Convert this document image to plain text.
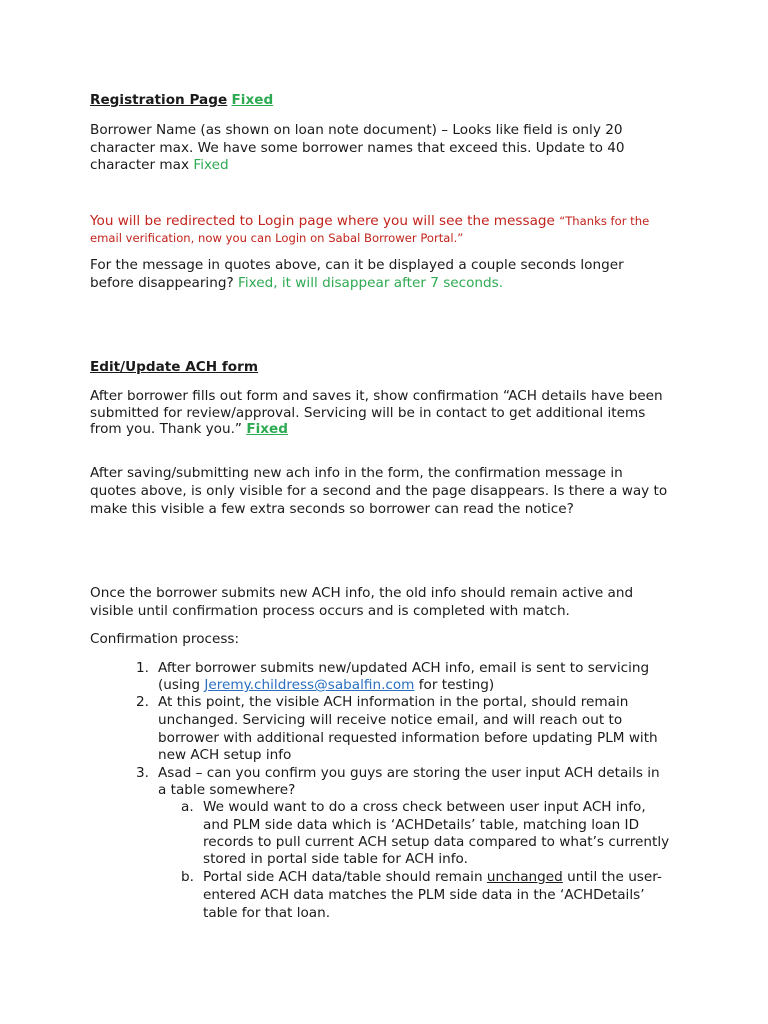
Registration Page Fixed

Borrower Name (as shown on loan note document) – Looks like field is only 20

character max. We have some borrower names that exceed this. Update to 40

character max Fixed

You will be redirected to Login page where you will see the message “Thanks for the

email verification, now you can Login on Sabal Borrower Portal.”

For the message in quotes above, can it be displayed a couple seconds longer

before disappearing? Fixed, it will disappear after 7 seconds.

Edit/Update ACH form

After borrower fills out form and saves it, show confirmation “ACH details have been

submitted for review/approval. Servicing will be in contact to get additional items

from you. Thank you.” Fixed

After saving/submitting new ach info in the form, the confirmation message in

quotes above, is only visible for a second and the page disappears. Is there a way to

make this visible a few extra seconds so borrower can read the notice?

Once the borrower submits new ACH info, the old info should remain active and

visible until confirmation process occurs and is completed with match.

Confirmation process:

1. After borrower submits new/updated ACH info, email is sent to servicing

(using Jeremy.childress@sabalfin.com for testing)

2. At this point, the visible ACH information in the portal, should remain

unchanged. Servicing will receive notice email, and will reach out to

borrower with additional requested information before updating PLM with

new ACH setup info

3. Asad – can you confirm you guys are storing the user input ACH details in

a table somewhere?

a. We would want to do a cross check between user input ACH info,

and PLM side data which is ‘ACHDetails’ table, matching loan ID

records to pull current ACH setup data compared to what’s currently

stored in portal side table for ACH info.

b. Portal side ACH data/table should remain unchanged until the user-

entered ACH data matches the PLM side data in the ‘ACHDetails’

table for that loan.
